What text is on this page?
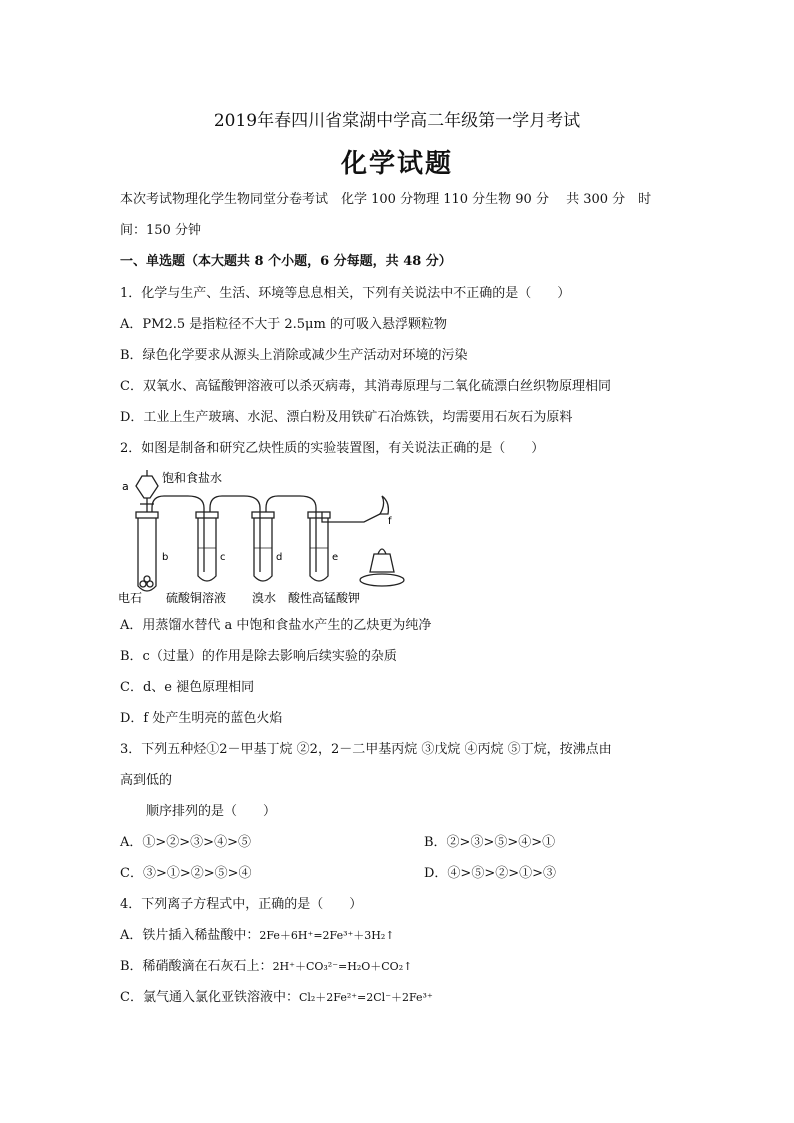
2019年春四川省棠湖中学高二年级第一学月考试
化学试题
本次考试物理化学生物同堂分卷考试　化学 100 分物理 110 分生物 90 分　 共 300 分　时
间：150 分钟
一、单选题（本大题共 8 个小题，6 分每题，共 48 分）
1．化学与生产、生活、环境等息息相关，下列有关说法中不正确的是（　　）
A．PM2.5 是指粒径不大于 2.5μm 的可吸入悬浮颗粒物
B．绿色化学要求从源头上消除或减少生产活动对环境的污染
C．双氧水、高锰酸钾溶液可以杀灭病毒，其消毒原理与二氧化硫漂白丝织物原理相同
D．工业上生产玻璃、水泥、漂白粉及用铁矿石冶炼铁，均需要用石灰石为原料
2．如图是制备和研究乙炔性质的实验装置图，有关说法正确的是（　　）
a
饱和食盐水
b	c	d	e
f
电石 硫酸铜溶液 溴水 酸性高锰酸钾
A．用蒸馏水替代 a 中饱和食盐水产生的乙炔更为纯净
B．c（过量）的作用是除去影响后续实验的杂质
C．d、e 褪色原理相同
D．f 处产生明亮的蓝色火焰
3．下列五种烃①2－甲基丁烷 ②2，2－二甲基丙烷 ③戊烷 ④丙烷 ⑤丁烷，按沸点由
高到低的
顺序排列的是（　　）
A．①>②>③>④>⑤	B．②>③>⑤>④>①
C．③>①>②>⑤>④	D．④>⑤>②>①>③
4．下列离子方程式中，正确的是（　　）
A．铁片插入稀盐酸中：2Fe＋6H⁺=2Fe³⁺＋3H₂↑
B．稀硝酸滴在石灰石上：2H⁺＋CO₃²⁻=H₂O＋CO₂↑
C．氯气通入氯化亚铁溶液中：Cl₂＋2Fe²⁺=2Cl⁻＋2Fe³⁺
